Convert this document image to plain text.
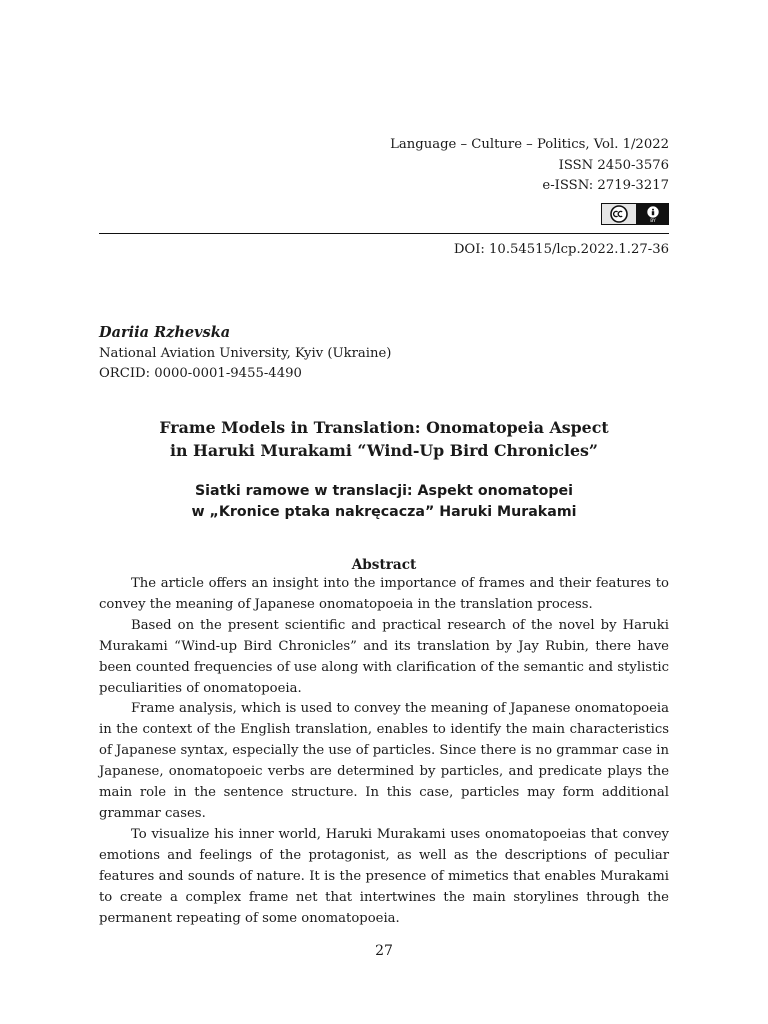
Language – Culture – Politics, Vol. 1/2022
ISSN 2450-3576
e-ISSN: 2719-3217
BY
DOI: 10.54515/lcp.2022.1.27-36
Dariia Rzhevska
National Aviation University, Kyiv (Ukraine)
ORCID: 0000-0001-9455-4490
Frame Models in Translation: Onomatopeia Aspect
in Haruki Murakami “Wind-Up Bird Chronicles”
Siatki ramowe w translacji: Aspekt onomatopei
w „Kronice ptaka nakręcacza” Haruki Murakami
Abstract

The article offers an insight into the importance of frames and their features to convey the meaning of Japanese onomatopoeia in the translation process.

Based on the present scientific and practical research of the novel by Haruki Murakami “Wind-up Bird Chronicles” and its translation by Jay Rubin, there have been counted frequencies of use along with clarification of the semantic and stylistic peculiarities of onomatopoeia.

Frame analysis, which is used to convey the meaning of Japanese onomatopoeia in the context of the English translation, enables to identify the main characteristics of Japanese syntax, especially the use of particles. Since there is no grammar case in Japanese, onomatopoeic verbs are determined by particles, and predicate plays the main role in the sentence structure. In this case, particles may form additional grammar cases.

To visualize his inner world, Haruki Murakami uses onomatopoeias that convey emotions and feelings of the protagonist, as well as the descriptions of peculiar features and sounds of nature. It is the presence of mimetics that enables Murakami to create a complex frame net that intertwines the main storylines through the permanent repeating of some onomatopoeia.

27
